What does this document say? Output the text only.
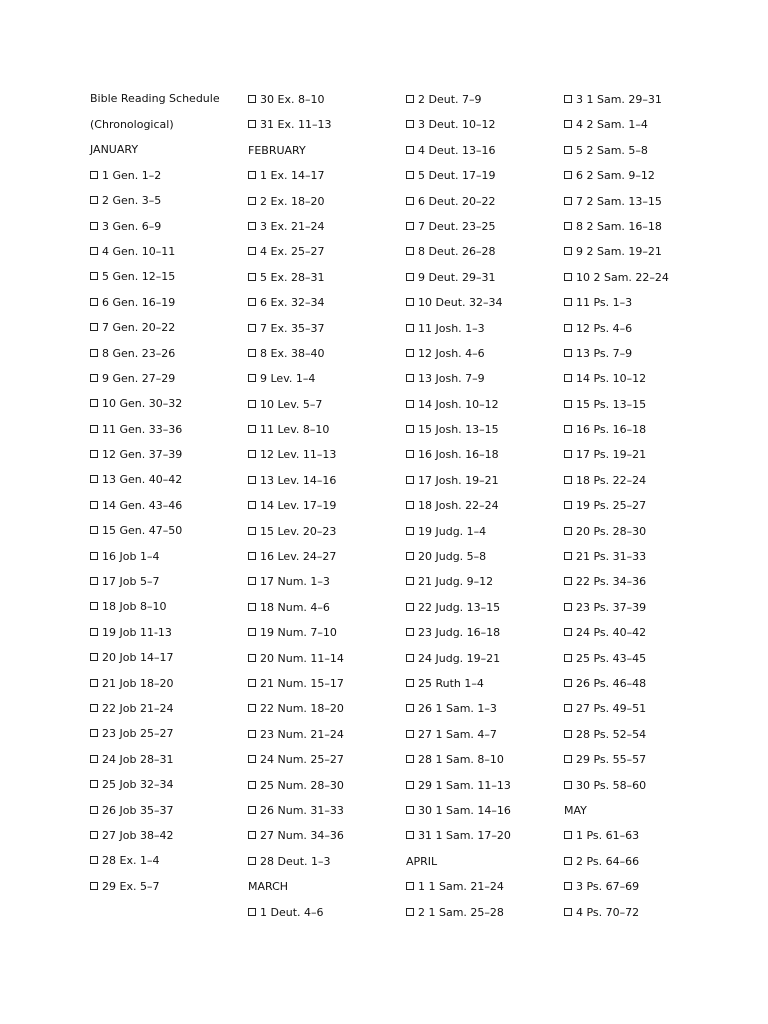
Bible Reading Schedule
(Chronological)
JANUARY
1 Gen. 1–2
2 Gen. 3–5
3 Gen. 6–9
4 Gen. 10–11
5 Gen. 12–15
6 Gen. 16–19
7 Gen. 20–22
8 Gen. 23–26
9 Gen. 27–29
10 Gen. 30–32
11 Gen. 33–36
12 Gen. 37–39
13 Gen. 40–42
14 Gen. 43–46
15 Gen. 47–50
16 Job 1–4
17 Job 5–7
18 Job 8–10
19 Job 11-13
20 Job 14–17
21 Job 18–20
22 Job 21–24
23 Job 25–27
24 Job 28–31
25 Job 32–34
26 Job 35–37
27 Job 38–42
28 Ex. 1–4
29 Ex. 5–7
30 Ex. 8–10
31 Ex. 11–13
FEBRUARY
1 Ex. 14–17
2 Ex. 18–20
3 Ex. 21–24
4 Ex. 25–27
5 Ex. 28–31
6 Ex. 32–34
7 Ex. 35–37
8 Ex. 38–40
9 Lev. 1–4
10 Lev. 5–7
11 Lev. 8–10
12 Lev. 11–13
13 Lev. 14–16
14 Lev. 17–19
15 Lev. 20–23
16 Lev. 24–27
17 Num. 1–3
18 Num. 4–6
19 Num. 7–10
20 Num. 11–14
21 Num. 15–17
22 Num. 18–20
23 Num. 21–24
24 Num. 25–27
25 Num. 28–30
26 Num. 31–33
27 Num. 34–36
28 Deut. 1–3
MARCH
1 Deut. 4–6
2 Deut. 7–9
3 Deut. 10–12
4 Deut. 13–16
5 Deut. 17–19
6 Deut. 20–22
7 Deut. 23–25
8 Deut. 26–28
9 Deut. 29–31
10 Deut. 32–34
11 Josh. 1–3
12 Josh. 4–6
13 Josh. 7–9
14 Josh. 10–12
15 Josh. 13–15
16 Josh. 16–18
17 Josh. 19–21
18 Josh. 22–24
19 Judg. 1–4
20 Judg. 5–8
21 Judg. 9–12
22 Judg. 13–15
23 Judg. 16–18
24 Judg. 19–21
25 Ruth 1–4
26 1 Sam. 1–3
27 1 Sam. 4–7
28 1 Sam. 8–10
29 1 Sam. 11–13
30 1 Sam. 14–16
31 1 Sam. 17–20
APRIL
1 1 Sam. 21–24
2 1 Sam. 25–28
3 1 Sam. 29–31
4 2 Sam. 1–4
5 2 Sam. 5–8
6 2 Sam. 9–12
7 2 Sam. 13–15
8 2 Sam. 16–18
9 2 Sam. 19–21
10 2 Sam. 22–24
11 Ps. 1–3
12 Ps. 4–6
13 Ps. 7–9
14 Ps. 10–12
15 Ps. 13–15
16 Ps. 16–18
17 Ps. 19–21
18 Ps. 22–24
19 Ps. 25–27
20 Ps. 28–30
21 Ps. 31–33
22 Ps. 34–36
23 Ps. 37–39
24 Ps. 40–42
25 Ps. 43–45
26 Ps. 46–48
27 Ps. 49–51
28 Ps. 52–54
29 Ps. 55–57
30 Ps. 58–60
MAY
1 Ps. 61–63
2 Ps. 64–66
3 Ps. 67–69
4 Ps. 70–72
